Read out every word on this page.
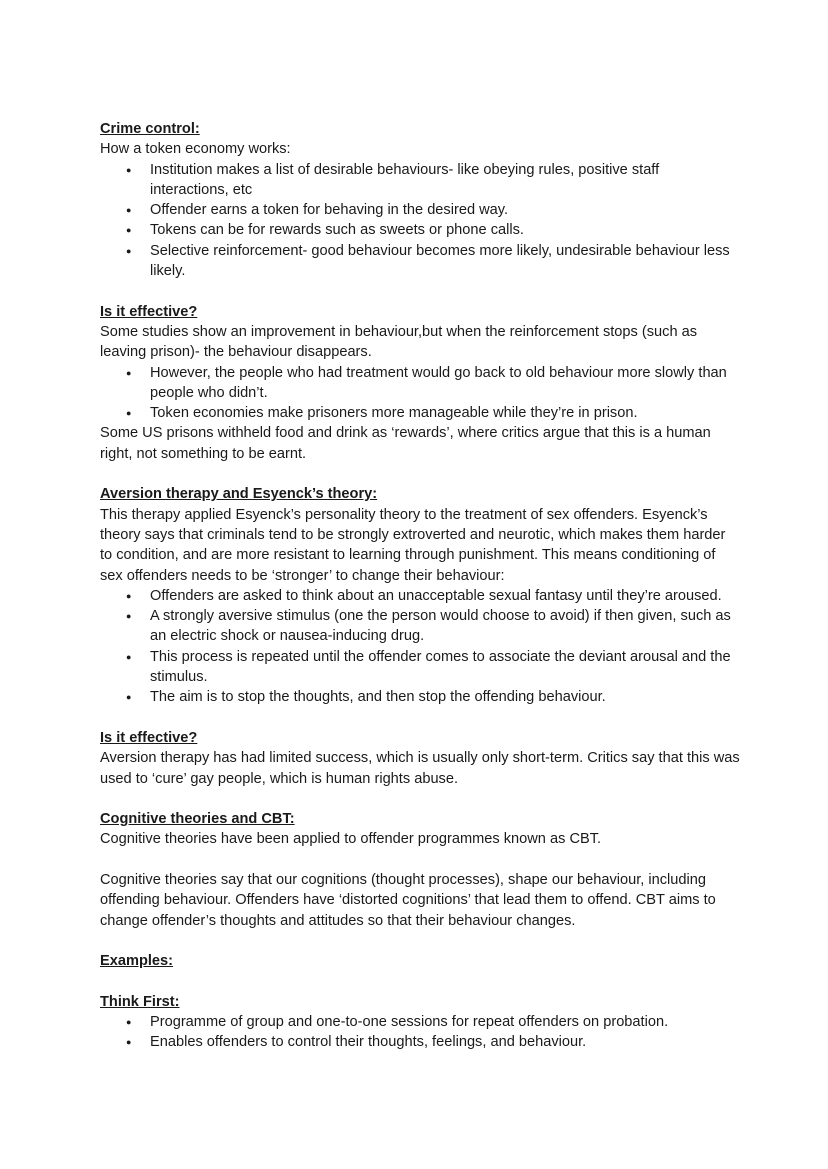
Crime control:

How a token economy works:

● Institution makes a list of desirable behaviours- like obeying rules, positive staff interactions, etc
● Offender earns a token for behaving in the desired way.
● Tokens can be for rewards such as sweets or phone calls.
● Selective reinforcement- good behaviour becomes more likely, undesirable behaviour less likely.

Is it effective?

Some studies show an improvement in behaviour,but when the reinforcement stops (such as leaving prison)- the behaviour disappears.

● However, the people who had treatment would go back to old behaviour more slowly than people who didn’t.
● Token economies make prisoners more manageable while they’re in prison.

Some US prisons withheld food and drink as ‘rewards’, where critics argue that this is a human right, not something to be earnt.

Aversion therapy and Esyenck’s theory:

This therapy applied Esyenck’s personality theory to the treatment of sex offenders. Esyenck’s theory says that criminals tend to be strongly extroverted and neurotic, which makes them harder to condition, and are more resistant to learning through punishment. This means conditioning of sex offenders needs to be ‘stronger’ to change their behaviour:

● Offenders are asked to think about an unacceptable sexual fantasy until they’re aroused.
● A strongly aversive stimulus (one the person would choose to avoid) if then given, such as an electric shock or nausea-inducing drug.
● This process is repeated until the offender comes to associate the deviant arousal and the stimulus.
● The aim is to stop the thoughts, and then stop the offending behaviour.

Is it effective?

Aversion therapy has had limited success, which is usually only short-term. Critics say that this was used to ‘cure’ gay people, which is human rights abuse.

Cognitive theories and CBT:

Cognitive theories have been applied to offender programmes known as CBT.

Cognitive theories say that our cognitions (thought processes), shape our behaviour, including offending behaviour. Offenders have ‘distorted cognitions’ that lead them to offend. CBT aims to change offender’s thoughts and attitudes so that their behaviour changes.

Examples:

Think First:

● Programme of group and one-to-one sessions for repeat offenders on probation.
● Enables offenders to control their thoughts, feelings, and behaviour.
